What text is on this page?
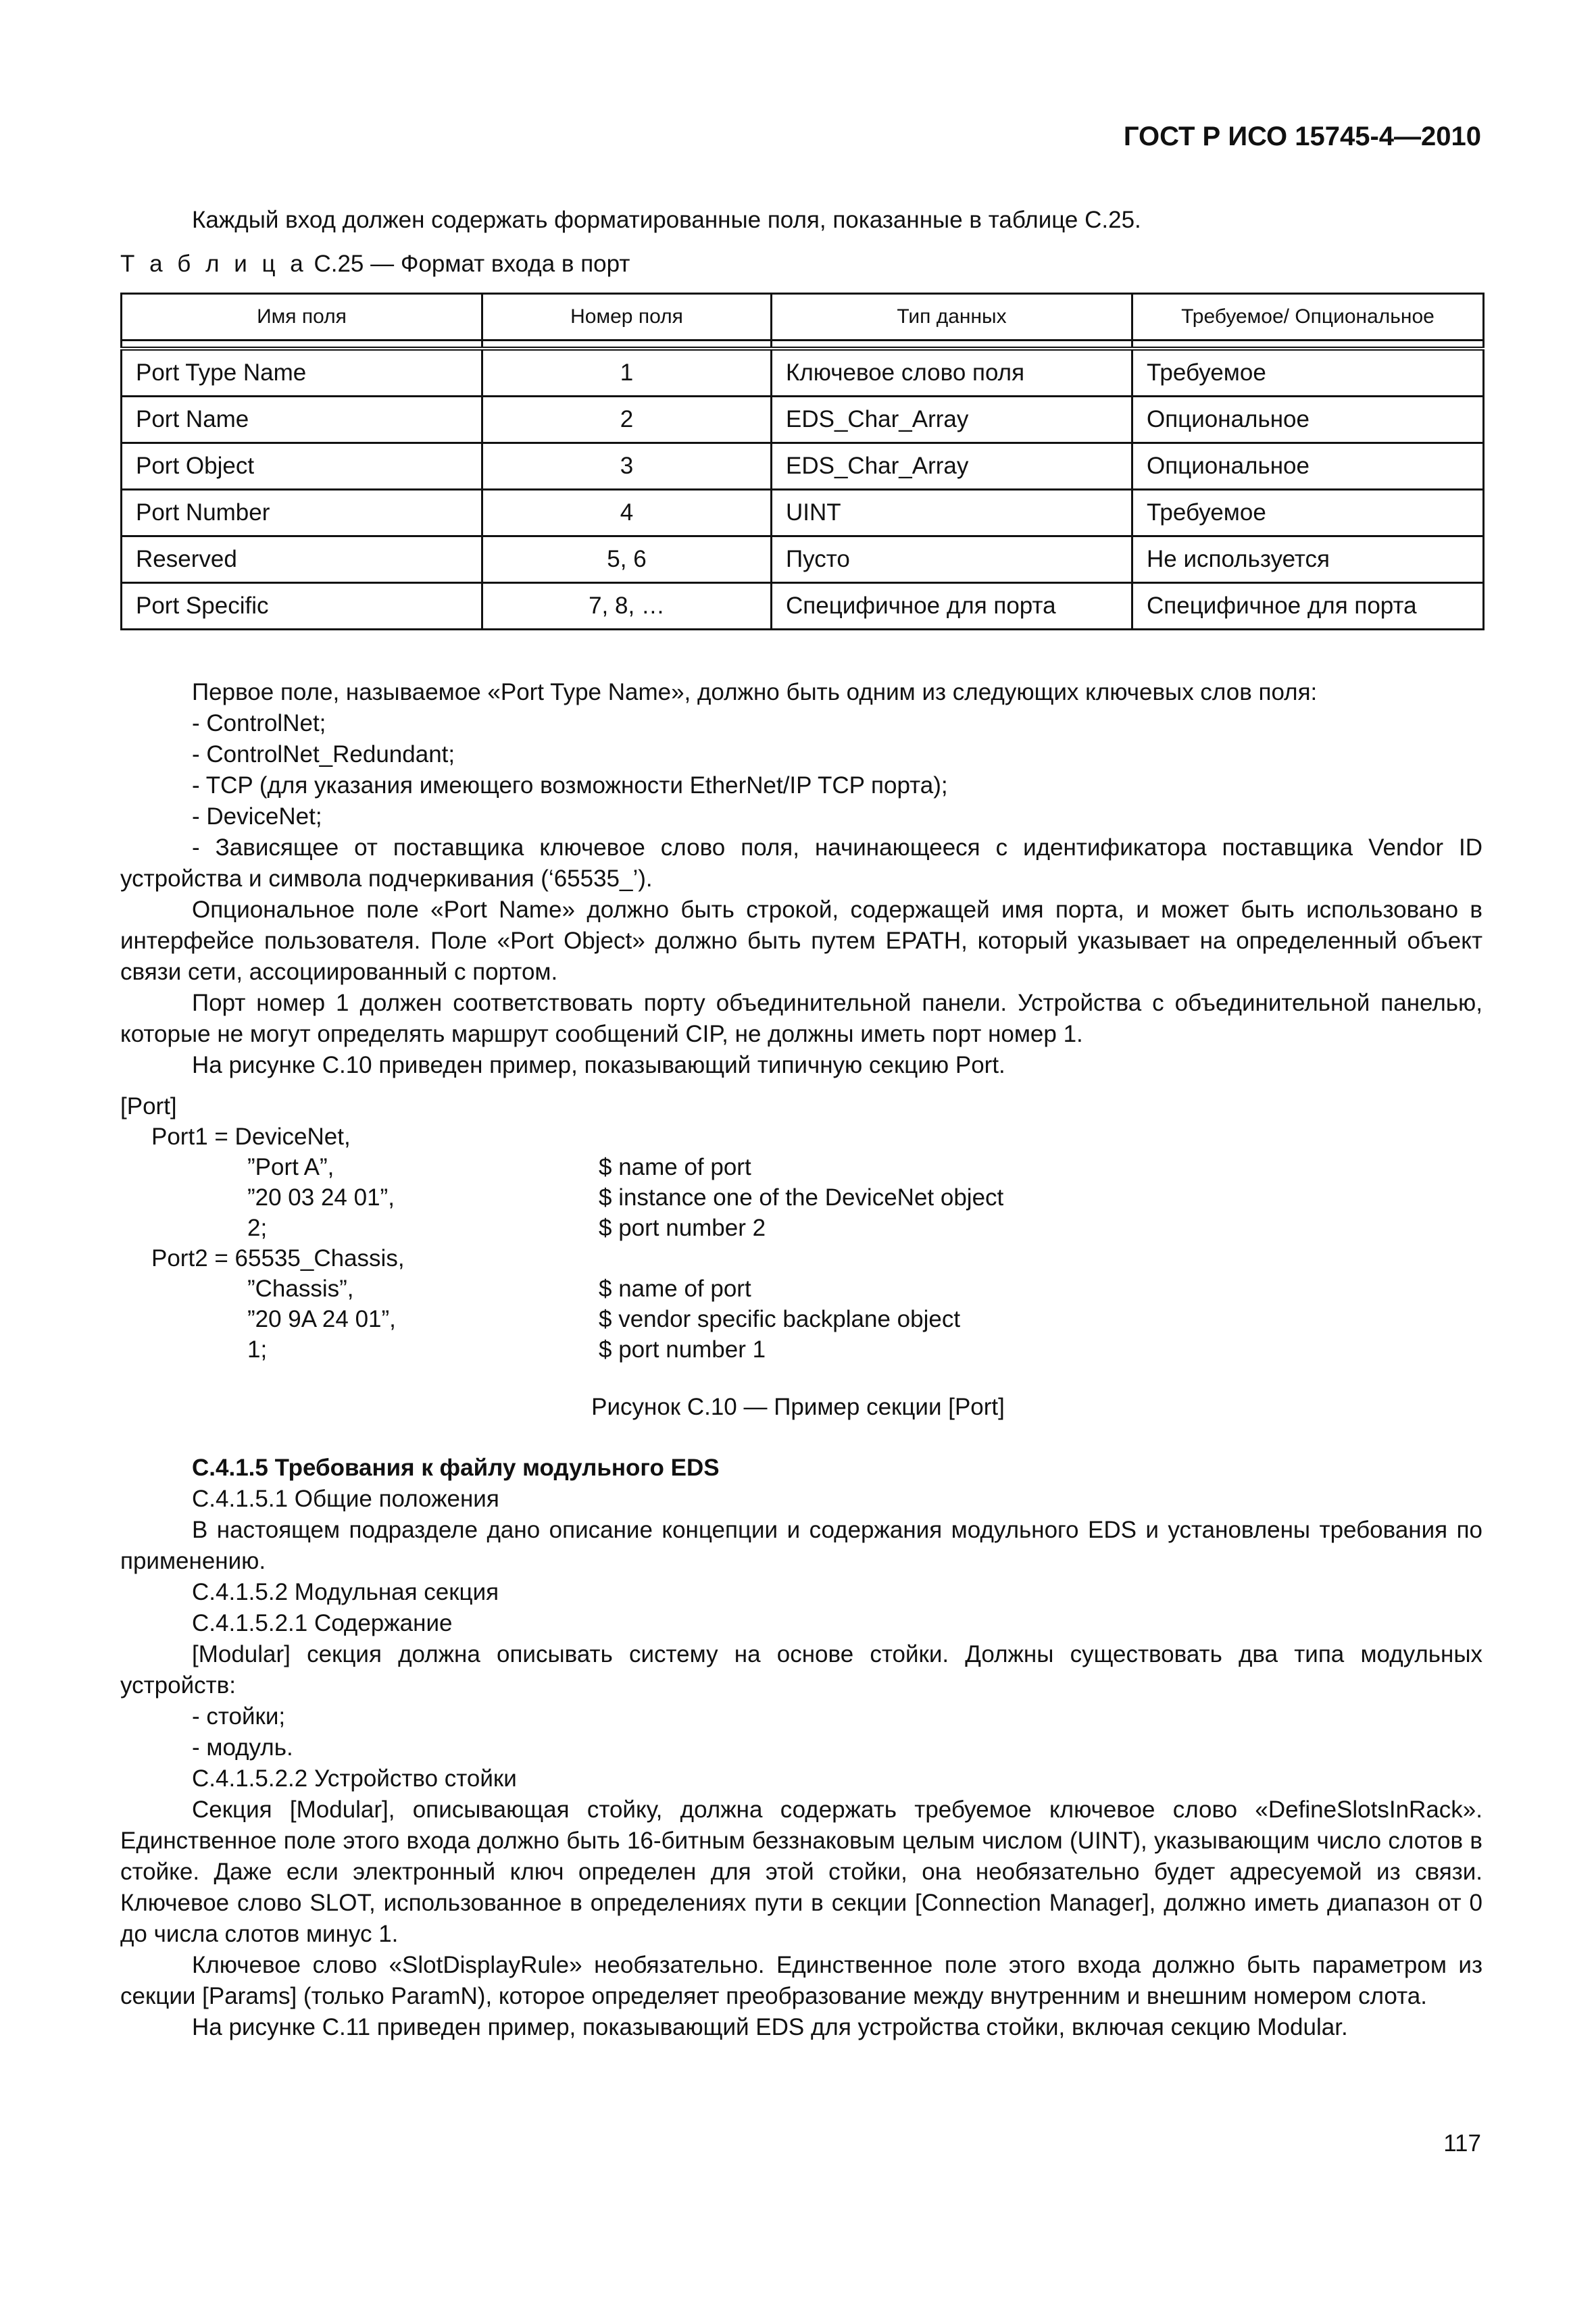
ГОСТ Р ИСО 15745-4—2010

Каждый вход должен содержать форматированные поля, показанные в таблице С.25.

Т а б л и ц а С.25 — Формат входа в порт
Имя поля	Номер поля	Тип данных	Требуемое/ Опциональное

Port Type Name	1	Ключевое слово поля	Требуемое
Port Name	2	EDS_Char_Array	Опциональное
Port Object	3	EDS_Char_Array	Опциональное
Port Number	4	UINT	Требуемое
Reserved	5, 6	Пусто	Не используется
Port Specific	7, 8, …	Специфичное для порта	Специфичное для порта

Первое поле, называемое «Port Type Name», должно быть одним из следующих ключевых слов поля:

- ControlNet;

- ControlNet_Redundant;

- TCP (для указания имеющего возможности EtherNet/IP TCP порта);

- DeviceNet;

- Зависящее от поставщика ключевое слово поля, начинающееся с идентификатора поставщика Vendor ID устройства и символа подчеркивания (‘65535_’).

Опциональное поле «Port Name» должно быть строкой, содержащей имя порта, и может быть использовано в интерфейсе пользователя. Поле «Port Object» должно быть путем EPATH, который указывает на определенный объект связи сети, ассоциированный с портом.

Порт номер 1 должен соответствовать порту объединительной панели. Устройства с объединительной панелью, которые не могут определять маршрут сообщений CIP, не должны иметь порт номер 1.

На рисунке С.10 приведен пример, показывающий типичную секцию Port.

[Port]
Port1 = DeviceNet,
”Port A”,	$ name of port
”20 03 24 01”,	$ instance one of the DeviceNet object
2;	$ port number 2
Port2 = 65535_Chassis,
”Chassis”,	$ name of port
”20 9A 24 01”,	$ vendor specific backplane object
1;	$ port number 1
Рисунок С.10 — Пример секции [Port]

С.4.1.5 Требования к файлу модульного EDS

С.4.1.5.1 Общие положения

В настоящем подразделе дано описание концепции и содержания модульного EDS и установлены требования по применению.

С.4.1.5.2 Модульная секция

С.4.1.5.2.1 Содержание

[Modular] секция должна описывать систему на основе стойки. Должны существовать два типа модульных устройств:

- стойки;

- модуль.

С.4.1.5.2.2 Устройство стойки

Секция [Modular], описывающая стойку, должна содержать требуемое ключевое слово «DefineSlotsInRack». Единственное поле этого входа должно быть 16-битным беззнаковым целым числом (UINT), указывающим число слотов в стойке. Даже если электронный ключ определен для этой стойки, она необязательно будет адресуемой из связи. Ключевое слово SLOT, использованное в определениях пути в секции [Connection Manager], должно иметь диапазон от 0 до числа слотов минус 1.

Ключевое слово «SlotDisplayRule» необязательно. Единственное поле этого входа должно быть параметром из секции [Params] (только ParamN), которое определяет преобразование между внутренним и внешним номером слота.

На рисунке С.11 приведен пример, показывающий EDS для устройства стойки, включая секцию Modular.

117
